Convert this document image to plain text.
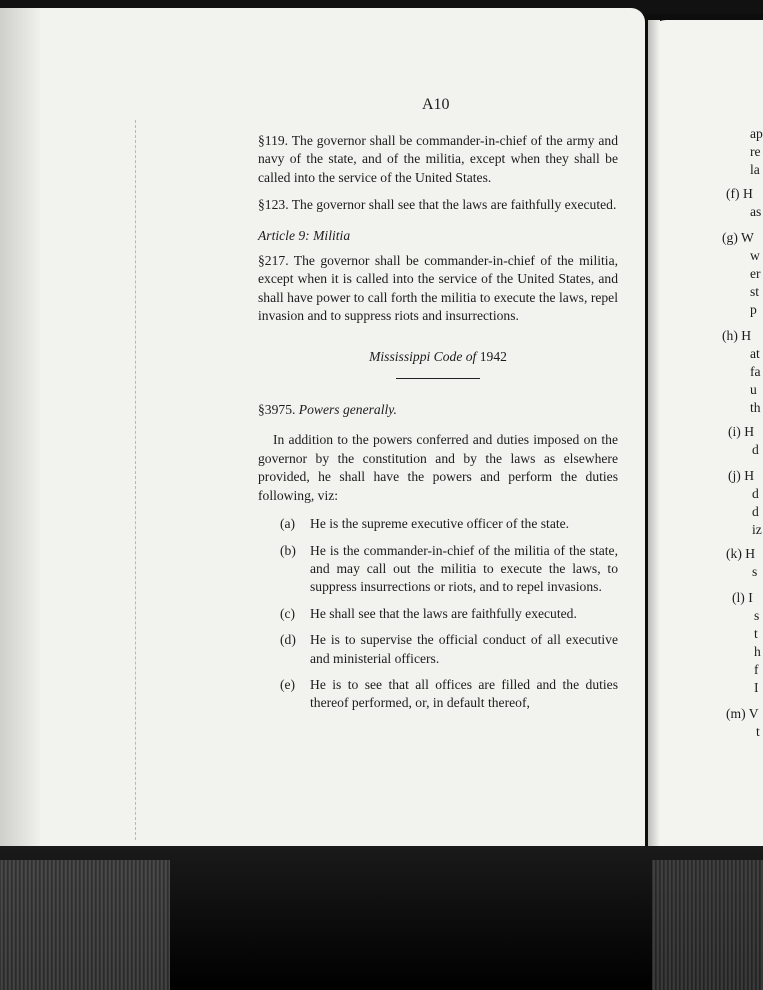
A10

§119. The governor shall be commander-in-chief of the army and navy of the state, and of the militia, except when they shall be called into the service of the United States.

§123. The governor shall see that the laws are faithfully executed.

Article 9: Militia

§217. The governor shall be commander-in-chief of the militia, except when it is called into the service of the United States, and shall have power to call forth the militia to execute the laws, repel invasion and to suppress riots and insurrections.

Mississippi Code of 1942

§3975. Powers generally.

In addition to the powers conferred and duties imposed on the governor by the constitution and by the laws as elsewhere provided, he shall have the powers and perform the duties following, viz:

(a)	He is the supreme executive officer of the state.
(b)	He is the commander-in-chief of the militia of the state, and may call out the militia to execute the laws, to suppress insurrections or riots, and to repel invasions.
(c)	He shall see that the laws are faithfully executed.
(d)	He is to supervise the official conduct of all executive and ministerial officers.
(e)	He is to see that all offices are filled and the duties thereof performed, or, in default thereof,
ap
re
la
(f) H
as
(g) W
w
er
st
p
(h) H
at
fa
u
th
(i) H
d
(j) H
d
d
iz
(k) H
s
(l) I
s
t
h
f
I
(m) V
t
